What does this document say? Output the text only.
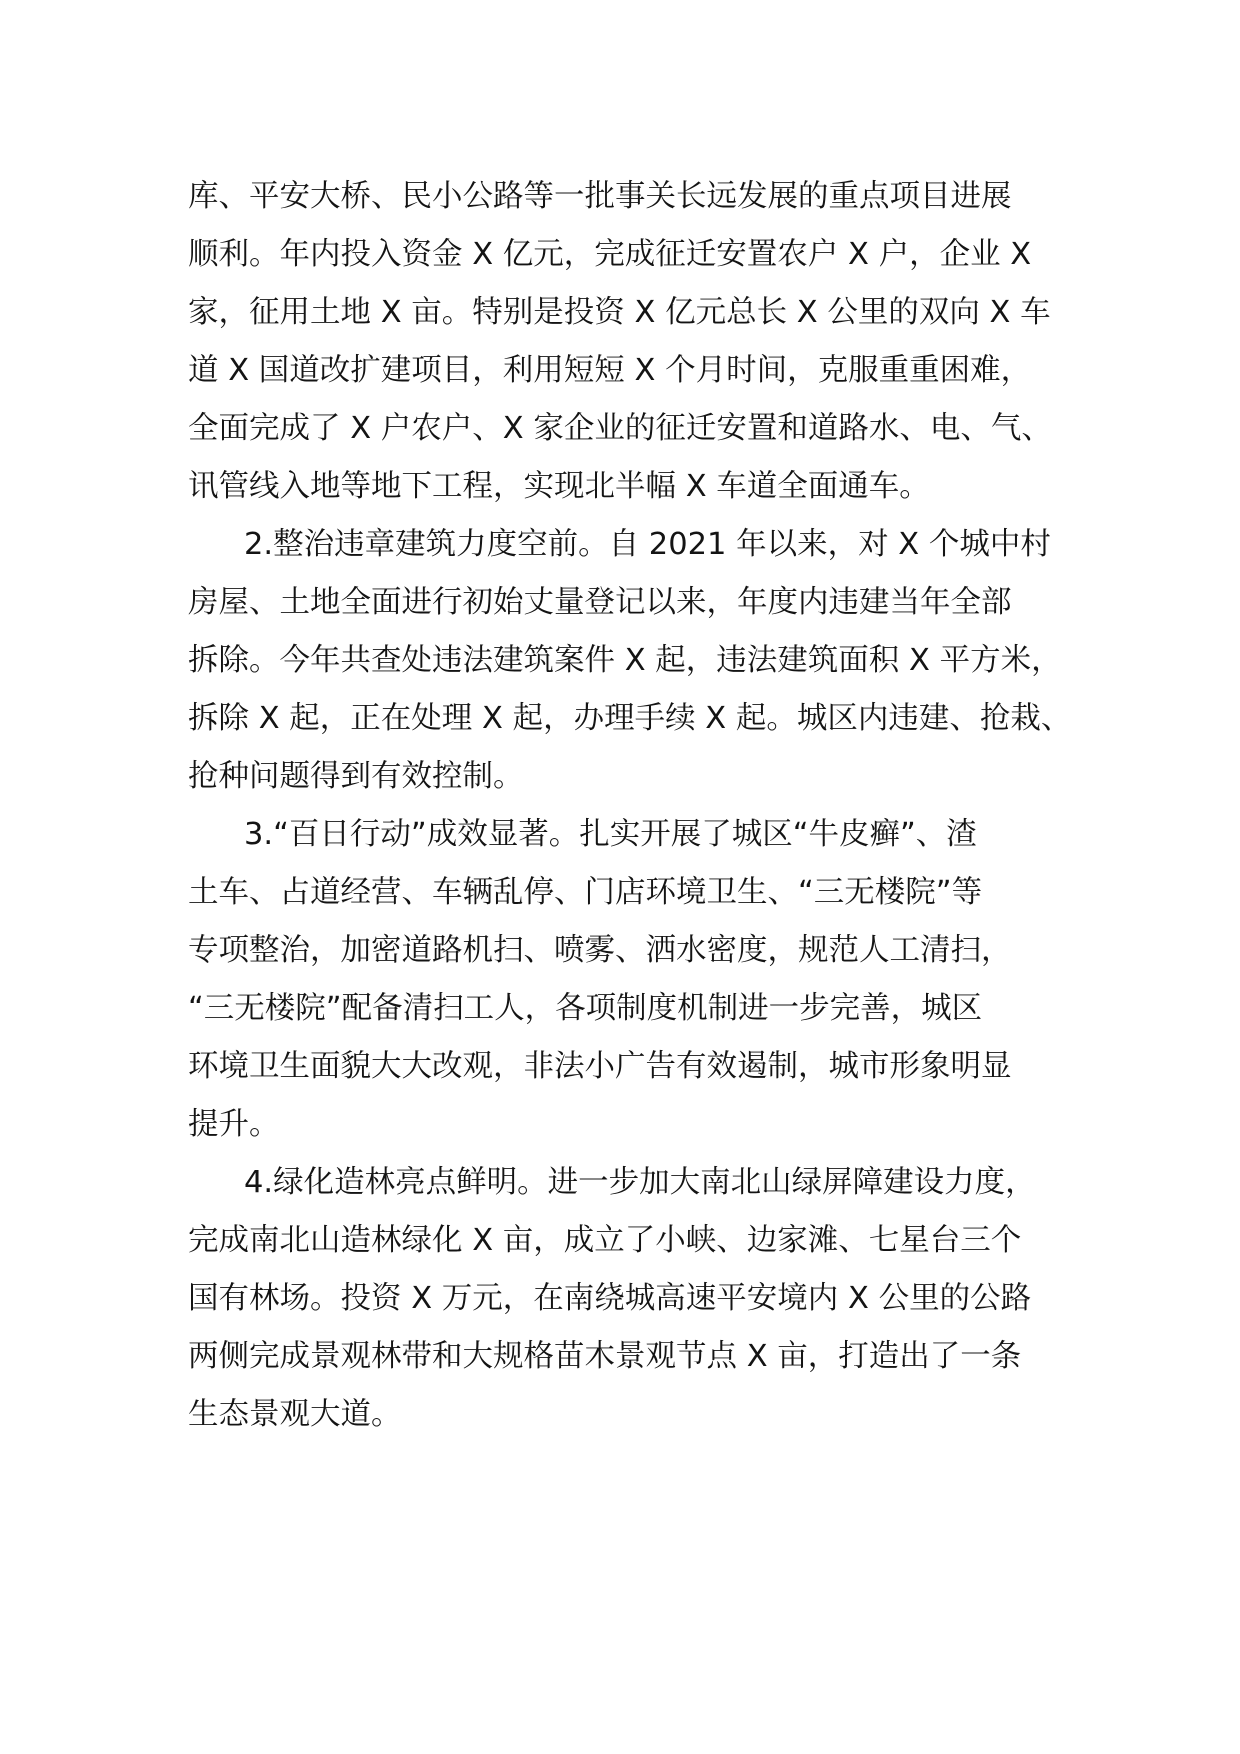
库、平安大桥、民小公路等一批事关长远发展的重点项目进展
顺利。年内投入资金 X 亿元，完成征迁安置农户 X 户，企业 X
家，征用土地 X 亩。特别是投资 X 亿元总长 X 公里的双向 X 车
道 X 国道改扩建项目，利用短短 X 个月时间，克服重重困难，
全面完成了 X 户农户、X 家企业的征迁安置和道路水、电、气、
讯管线入地等地下工程，实现北半幅 X 车道全面通车。
2.整治违章建筑力度空前。自 2021 年以来，对 X 个城中村
房屋、土地全面进行初始丈量登记以来，年度内违建当年全部
拆除。今年共查处违法建筑案件 X 起，违法建筑面积 X 平方米，
拆除 X 起，正在处理 X 起，办理手续 X 起。城区内违建、抢栽、
抢种问题得到有效控制。
3.“百日行动”成效显著。扎实开展了城区“牛皮癣”、渣
土车、占道经营、车辆乱停、门店环境卫生、“三无楼院”等
专项整治，加密道路机扫、喷雾、洒水密度，规范人工清扫，
“三无楼院”配备清扫工人，各项制度机制进一步完善，城区
环境卫生面貌大大改观，非法小广告有效遏制，城市形象明显
提升。
4.绿化造林亮点鲜明。进一步加大南北山绿屏障建设力度，
完成南北山造林绿化 X 亩，成立了小峡、边家滩、七星台三个
国有林场。投资 X 万元，在南绕城高速平安境内 X 公里的公路
两侧完成景观林带和大规格苗木景观节点 X 亩，打造出了一条
生态景观大道。
